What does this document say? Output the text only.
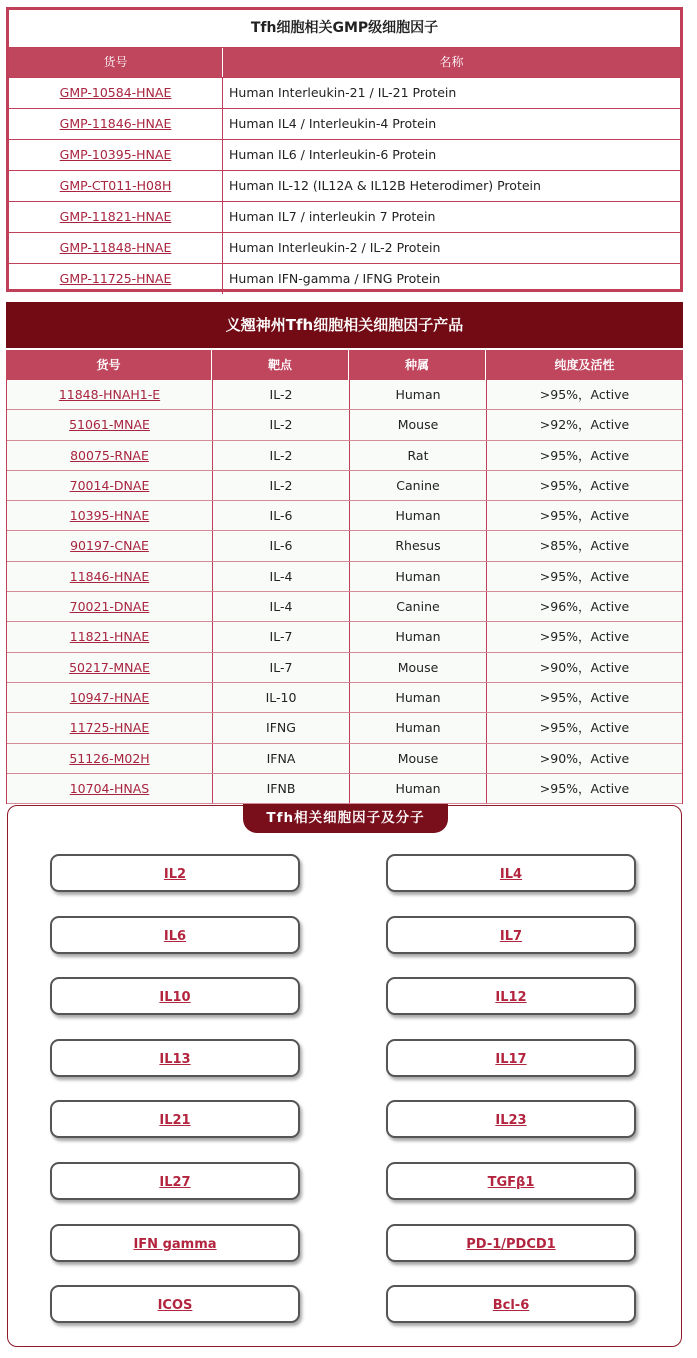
Tfh细胞相关GMP级细胞因子
货号	名称
GMP-10584-HNAE	Human Interleukin-21 / IL-21 Protein
GMP-11846-HNAE	Human IL4 / Interleukin-4 Protein
GMP-10395-HNAE	Human IL6 / Interleukin-6 Protein
GMP-CT011-H08H	Human IL-12 (IL12A & IL12B Heterodimer) Protein
GMP-11821-HNAE	Human IL7 / interleukin 7 Protein
GMP-11848-HNAE	Human Interleukin-2 / IL-2 Protein
GMP-11725-HNAE	Human IFN-gamma / IFNG Protein
义翘神州Tfh细胞相关细胞因子产品
货号	靶点	种属	纯度及活性
11848-HNAH1-E	IL-2	Human	>95%，Active
51061-MNAE	IL-2	Mouse	>92%，Active
80075-RNAE	IL-2	Rat	>95%，Active
70014-DNAE	IL-2	Canine	>95%，Active
10395-HNAE	IL-6	Human	>95%，Active
90197-CNAE	IL-6	Rhesus	>85%，Active
11846-HNAE	IL-4	Human	>95%，Active
70021-DNAE	IL-4	Canine	>96%，Active
11821-HNAE	IL-7	Human	>95%，Active
50217-MNAE	IL-7	Mouse	>90%，Active
10947-HNAE	IL-10	Human	>95%，Active
11725-HNAE	IFNG	Human	>95%，Active
51126-M02H	IFNA	Mouse	>90%，Active
10704-HNAS	IFNB	Human	>95%，Active
Tfh相关细胞因子及分子
IL2	IL4
IL6	IL7
IL10	IL12
IL13	IL17
IL21	IL23
IL27	TGFβ1
IFN gamma	PD-1/PDCD1
ICOS	Bcl-6
